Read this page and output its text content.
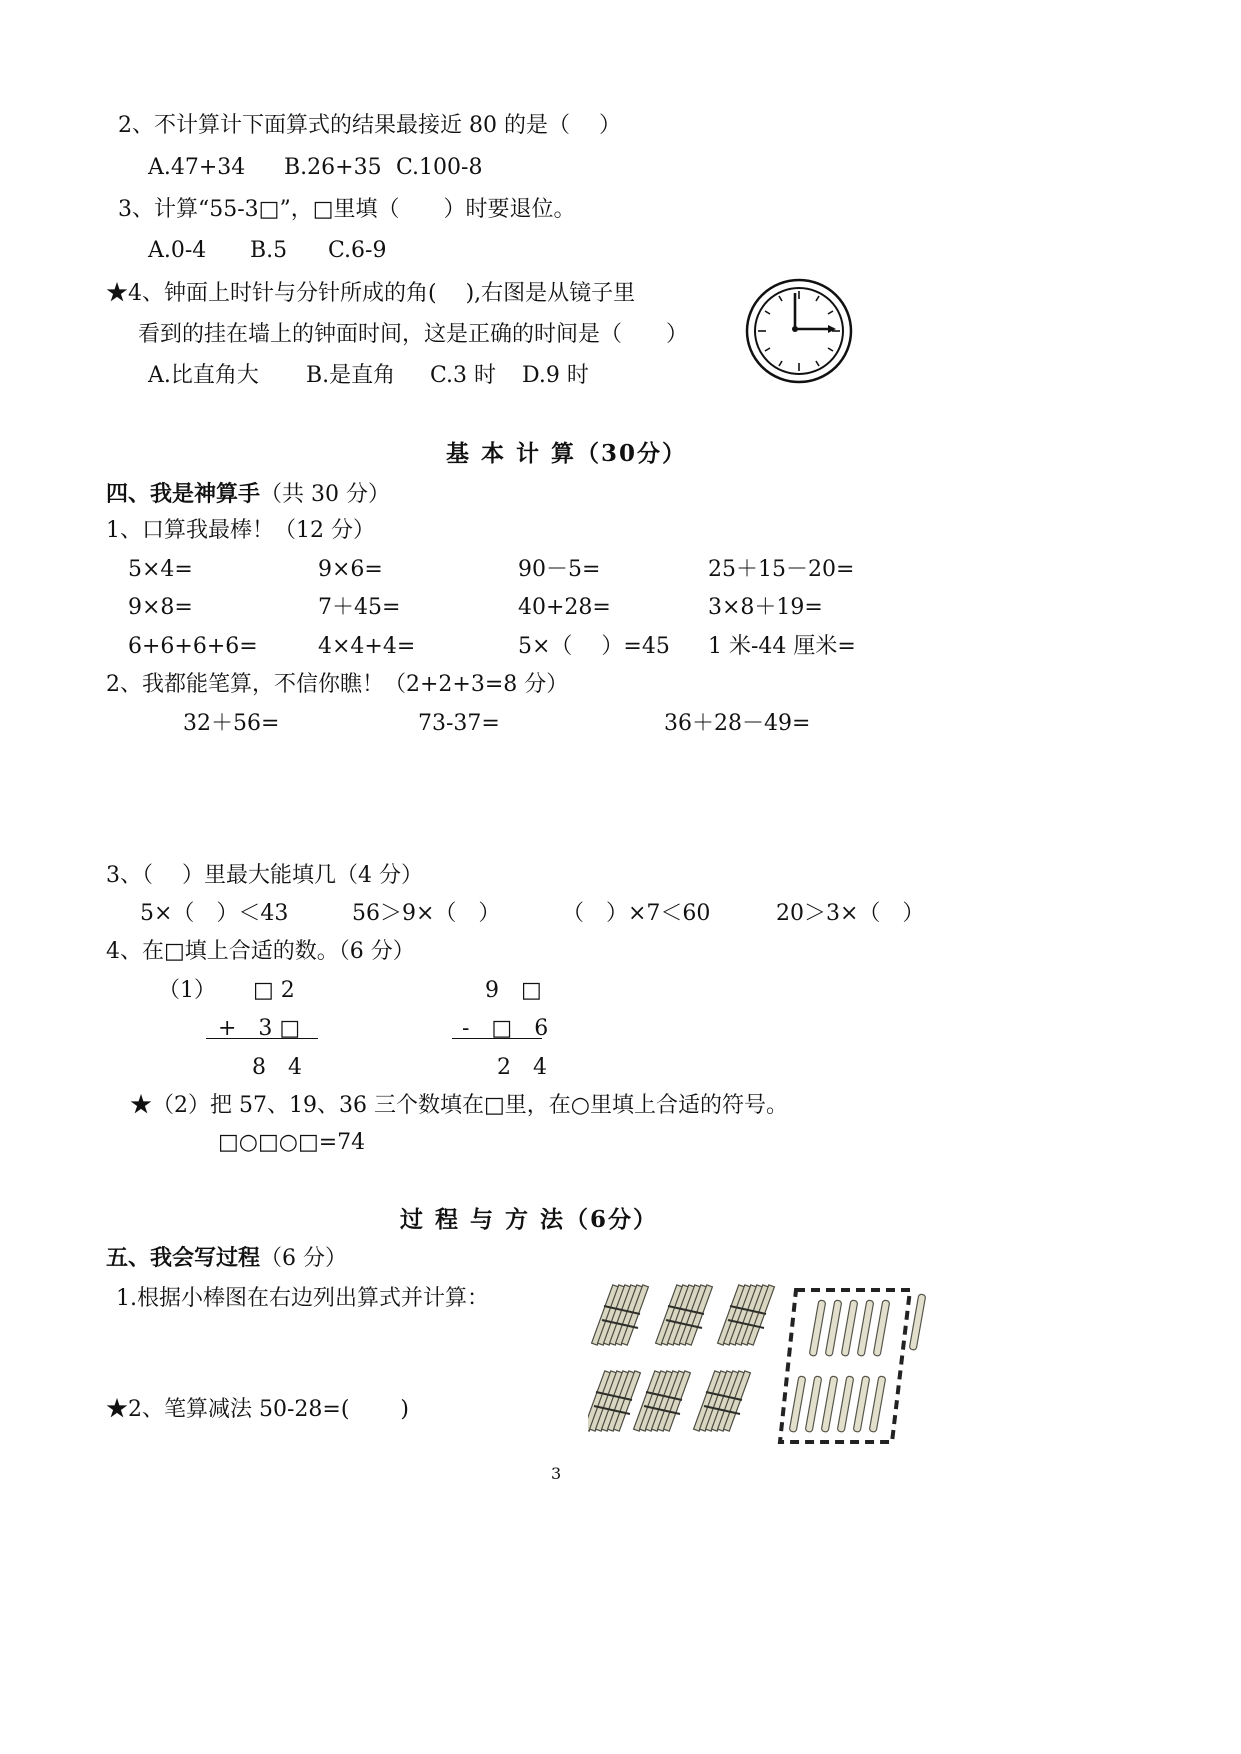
2、不计算计下面算式的结果最接近 80 的是（　 ）
A.47+34 B.26+35 C.100-8
3、计算“55-3□”，□里填（　　）时要退位。
A.0-4 B.5 C.6-9
★4、钟面上时针与分针所成的角(　 ),右图是从镜子里
看到的挂在墙上的钟面时间，这是正确的时间是（　　）
A.比直角大 B.是直角 C.3 时 D.9 时
基 本 计 算（30分）
四、我是神算手（共 30 分）
1、口算我最棒！（12 分）
5×4=	9×6=	90－5=	25＋15－20=
9×8=	7＋45=	40+28=	3×8＋19=
6+6+6+6=	4×4+4=	5×（　 ）=45 1 米-44 厘米=
2、我都能笔算，不信你瞧！（2+2+3=8 分）
32＋56=	73-37=	36＋28－49=
3、（　 ）里最大能填几（4 分）
5×（　）＜43	56＞9×（　）	（　）×7＜60	20＞3×（　）
4、在□填上合适的数。（6 分）
（1） □ 2
+　3 □
8　4
9　□
-　□　6
2　4
★（2）把 57、19、36 三个数填在□里，在○里填上合适的符号。
□○□○□=74
过 程 与 方 法（6分）
五、我会写过程（6 分）
1.根据小棒图在右边列出算式并计算：
★2、笔算减法 50-28=(　　 )
3
